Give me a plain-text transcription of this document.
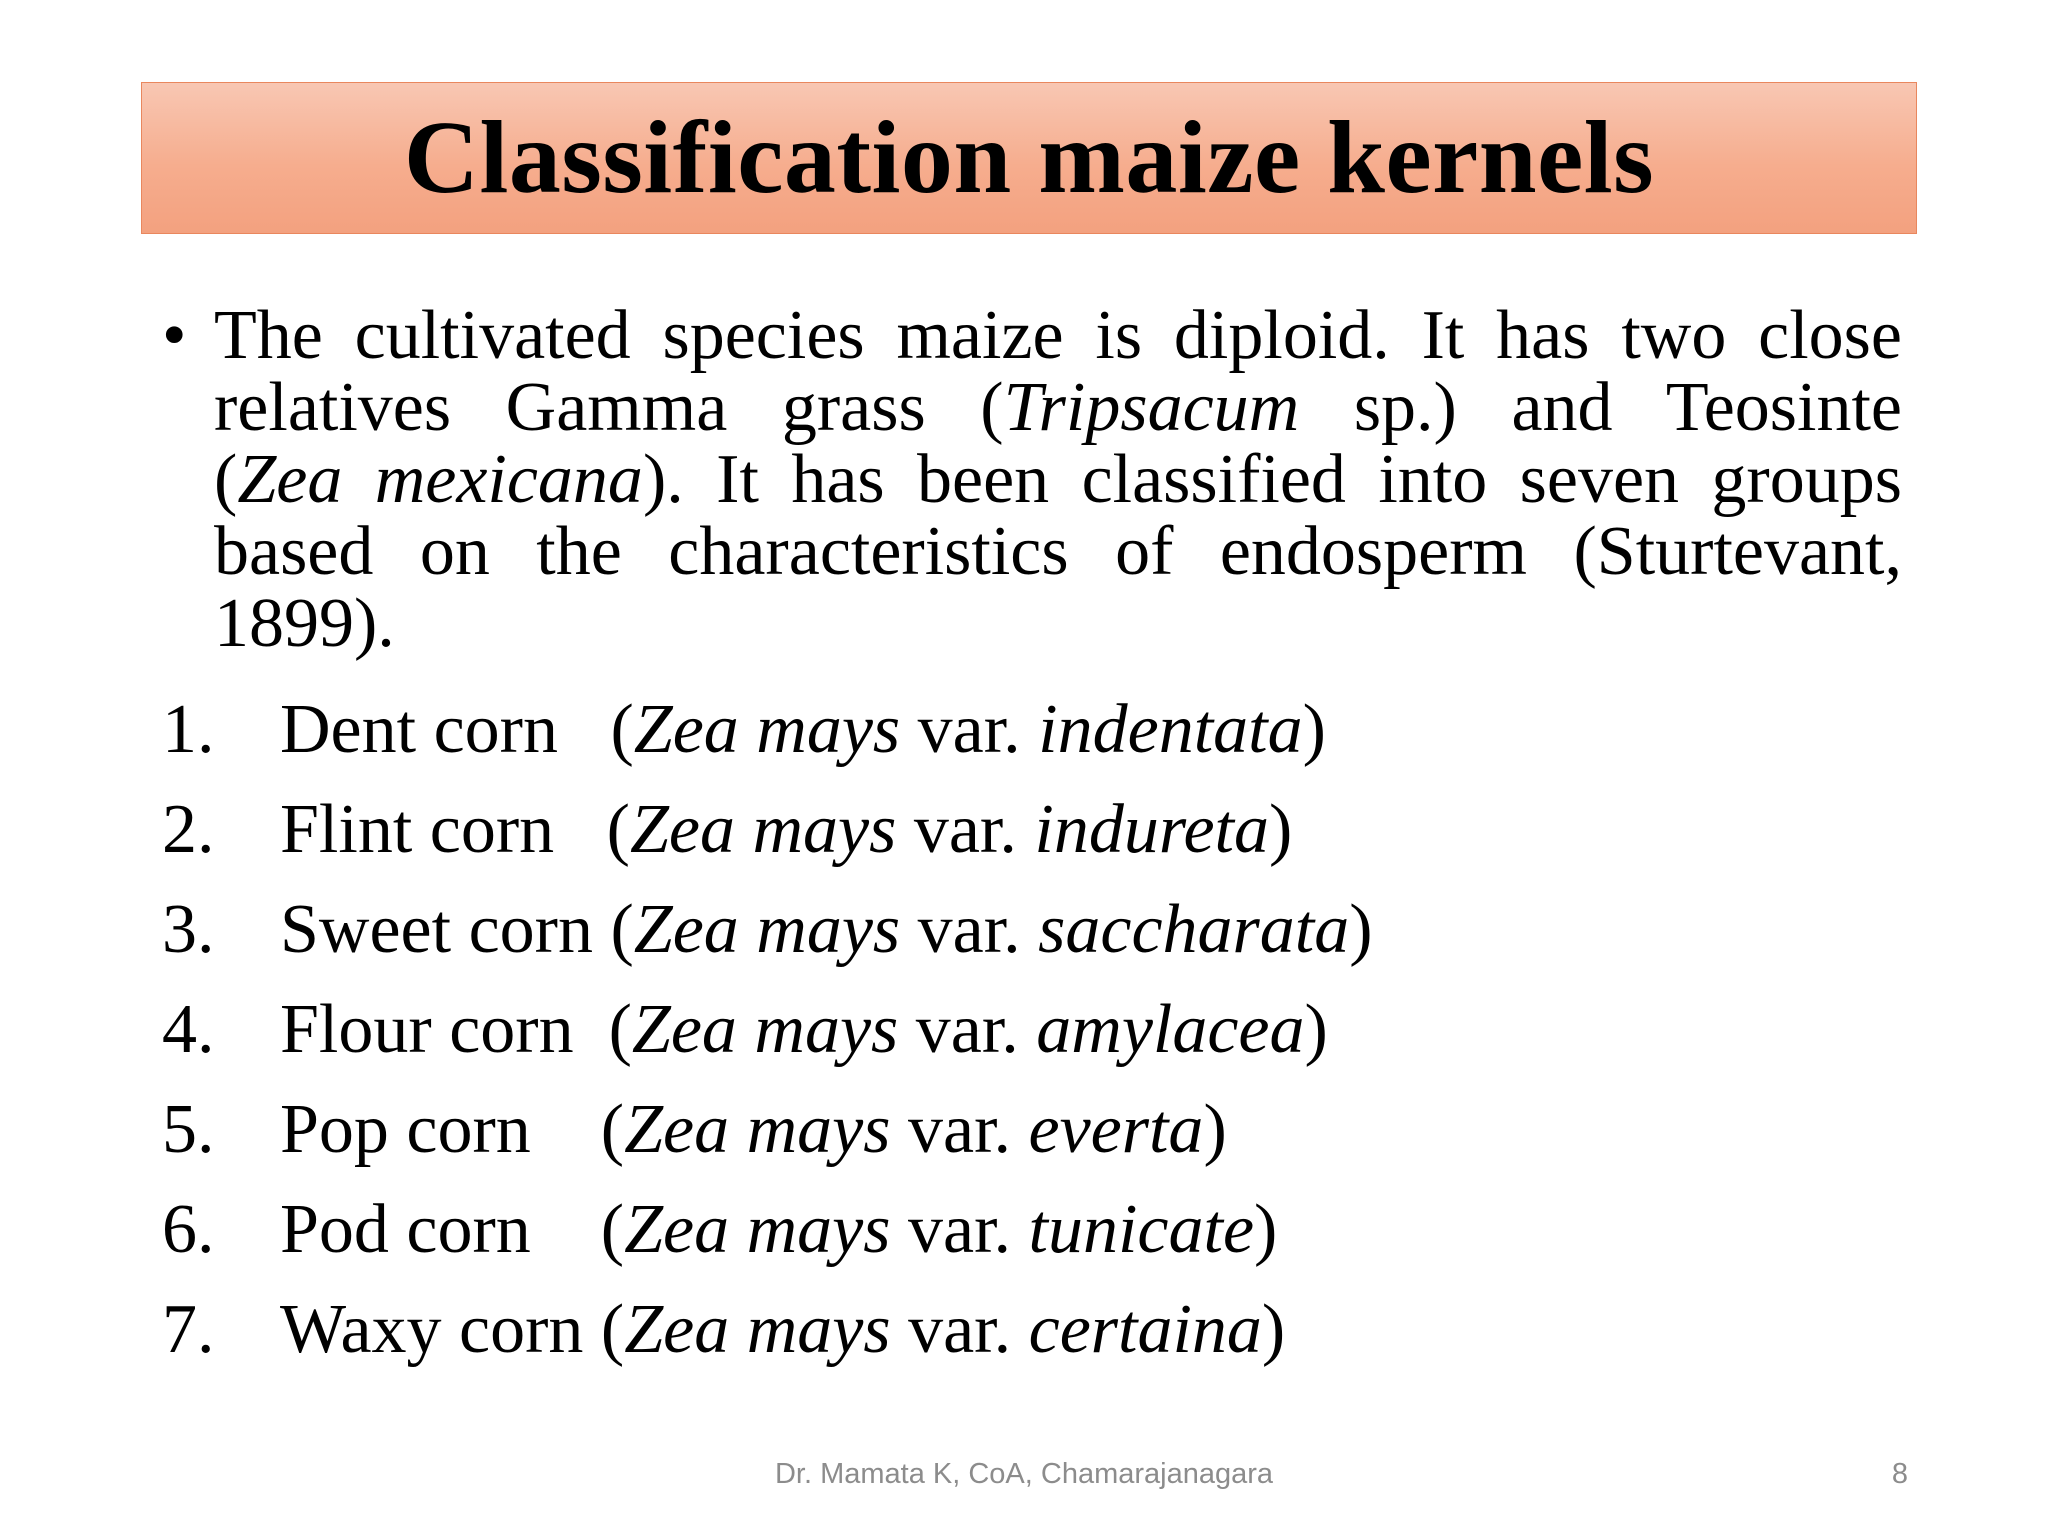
Classification maize kernels
• The cultivated species maize is diploid. It has two close
relatives Gamma grass (Tripsacum sp.) and Teosinte
(Zea mexicana). It has been classified into seven groups
based on the characteristics of endosperm (Sturtevant,
1899).

1.

Dent corn   (Zea mays var. indentata)

2.

Flint corn   (Zea mays var. indureta)

3.

Sweet corn (Zea mays var. saccharata)

4.

Flour corn  (Zea mays var. amylacea)

5.

Pop corn    (Zea mays var. everta)

6.

Pod corn    (Zea mays var. tunicate)

7.

Waxy corn (Zea mays var. certaina)

Dr. Mamata K, CoA, Chamarajanagara	8
